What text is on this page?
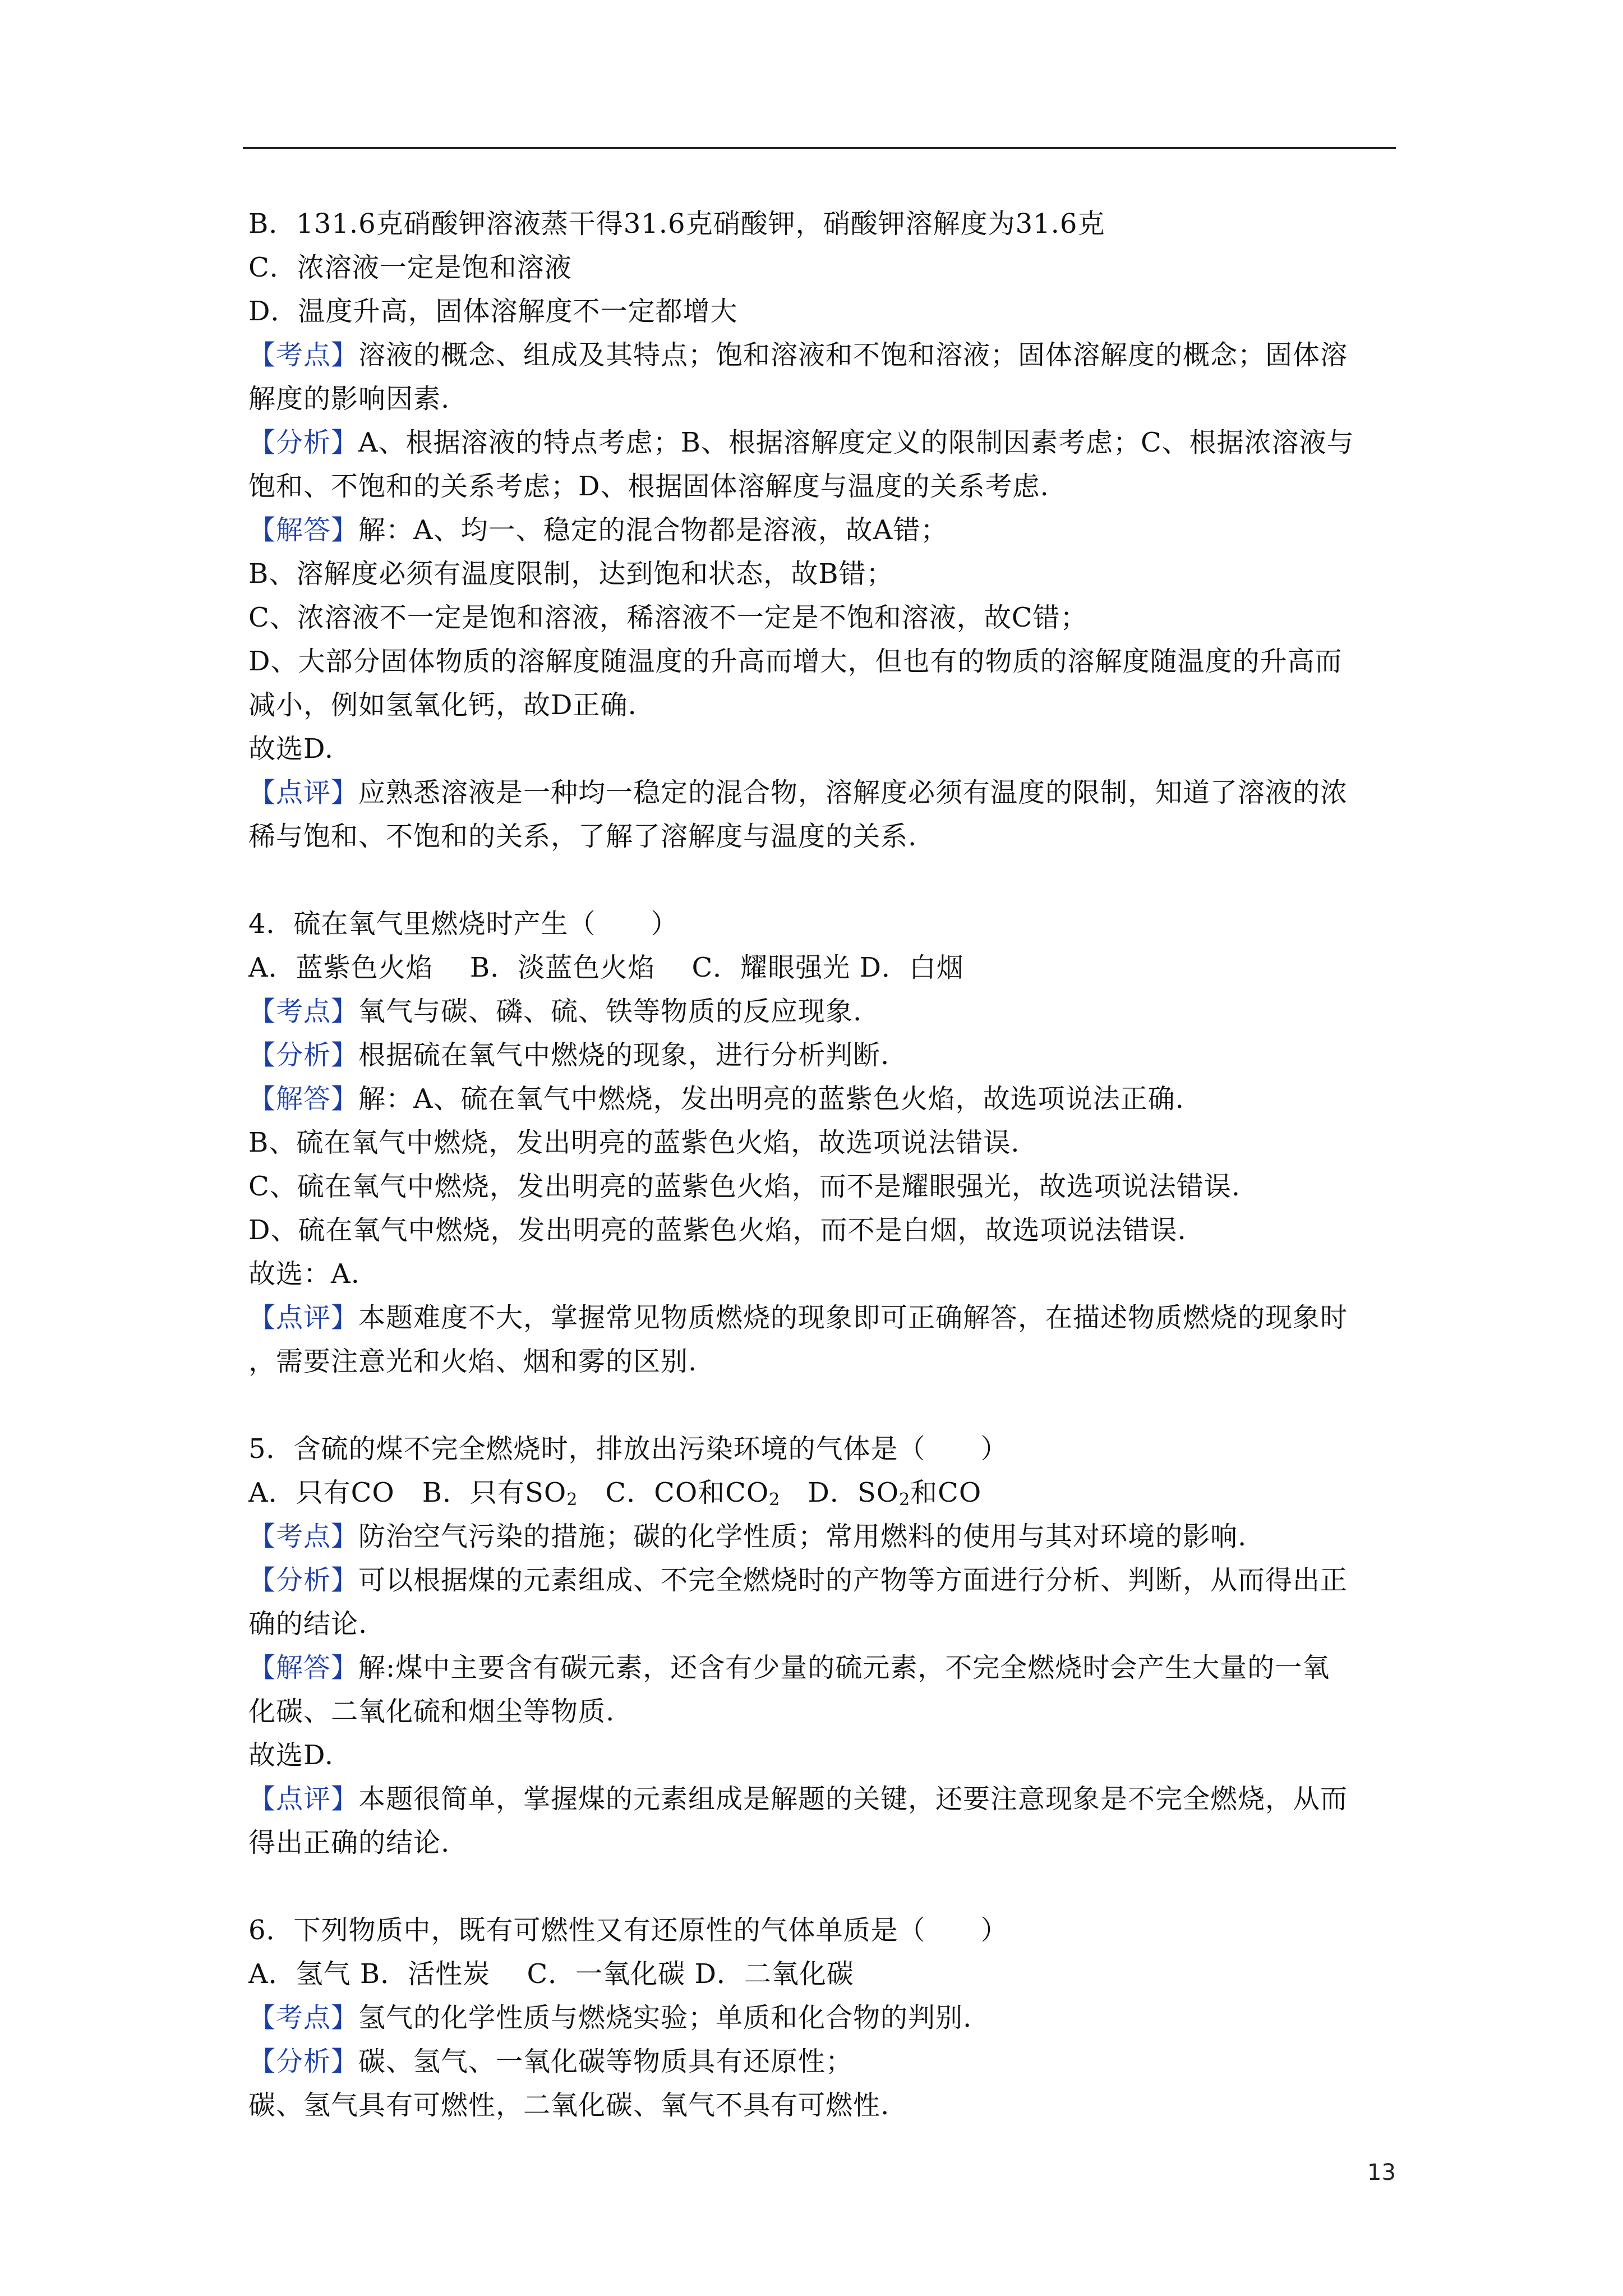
B．131.6克硝酸钾溶液蒸干得31.6克硝酸钾，硝酸钾溶解度为31.6克
C．浓溶液一定是饱和溶液
D．温度升高，固体溶解度不一定都增大
【考点】溶液的概念、组成及其特点；饱和溶液和不饱和溶液；固体溶解度的概念；固体溶
解度的影响因素.
【分析】A、根据溶液的特点考虑；B、根据溶解度定义的限制因素考虑；C、根据浓溶液与
饱和、不饱和的关系考虑；D、根据固体溶解度与温度的关系考虑.
【解答】解：A、均一、稳定的混合物都是溶液，故A错；
B、溶解度必须有温度限制，达到饱和状态，故B错；
C、浓溶液不一定是饱和溶液，稀溶液不一定是不饱和溶液，故C错；
D、大部分固体物质的溶解度随温度的升高而增大，但也有的物质的溶解度随温度的升高而
减小，例如氢氧化钙，故D正确.
故选D.
【点评】应熟悉溶液是一种均一稳定的混合物，溶解度必须有温度的限制，知道了溶液的浓
稀与饱和、不饱和的关系，了解了溶解度与温度的关系.
4．硫在氧气里燃烧时产生（　　）
A．蓝紫色火焰　 B．淡蓝色火焰　 C．耀眼强光 D．白烟
【考点】氧气与碳、磷、硫、铁等物质的反应现象.
【分析】根据硫在氧气中燃烧的现象，进行分析判断.
【解答】解：A、硫在氧气中燃烧，发出明亮的蓝紫色火焰，故选项说法正确.
B、硫在氧气中燃烧，发出明亮的蓝紫色火焰，故选项说法错误.
C、硫在氧气中燃烧，发出明亮的蓝紫色火焰，而不是耀眼强光，故选项说法错误.
D、硫在氧气中燃烧，发出明亮的蓝紫色火焰，而不是白烟，故选项说法错误.
故选：A.
【点评】本题难度不大，掌握常见物质燃烧的现象即可正确解答，在描述物质燃烧的现象时
，需要注意光和火焰、烟和雾的区别.
5．含硫的煤不完全燃烧时，排放出污染环境的气体是（　　）
A．只有CO　B．只有$SO_2$　C．CO和$CO_2$　D．$SO_2$和CO
【考点】防治空气污染的措施；碳的化学性质；常用燃料的使用与其对环境的影响.
【分析】可以根据煤的元素组成、不完全燃烧时的产物等方面进行分析、判断，从而得出正
确的结论.
【解答】解:煤中主要含有碳元素，还含有少量的硫元素，不完全燃烧时会产生大量的一氧
化碳、二氧化硫和烟尘等物质.
故选D.
【点评】本题很简单，掌握煤的元素组成是解题的关键，还要注意现象是不完全燃烧，从而
得出正确的结论.
6．下列物质中，既有可燃性又有还原性的气体单质是（　　）
A．氢气 B．活性炭　 C．一氧化碳 D．二氧化碳
【考点】氢气的化学性质与燃烧实验；单质和化合物的判别.
【分析】碳、氢气、一氧化碳等物质具有还原性；
碳、氢气具有可燃性，二氧化碳、氧气不具有可燃性.
13
